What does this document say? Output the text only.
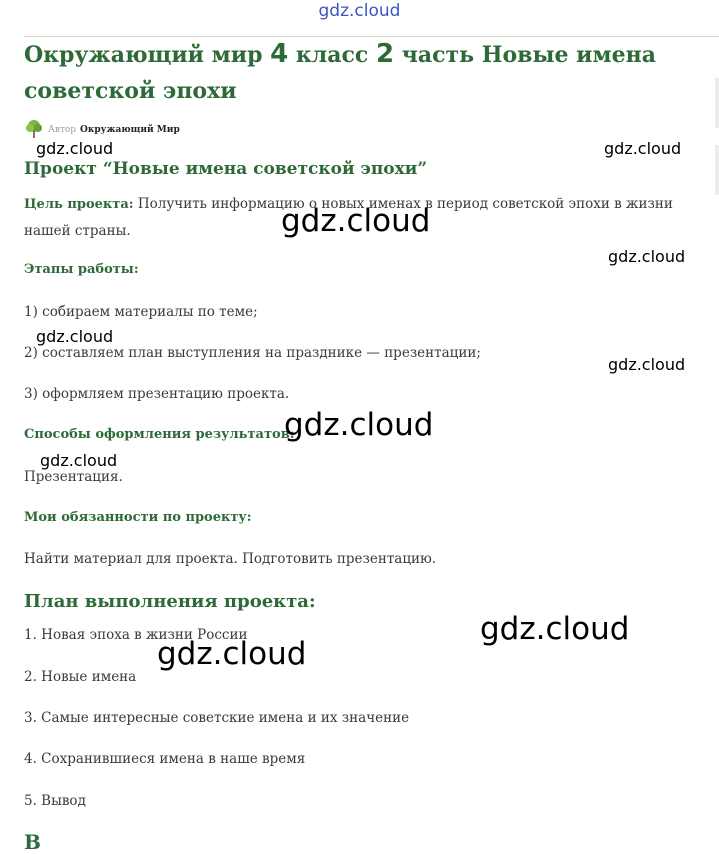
gdz.cloud
Окружающий мир 4 класс 2 часть Новые имена советской эпохи
Автор Окружающий Мир
Проект “Новые имена советской эпохи”
Цель проекта: Получить информацию о новых именах в период советской эпохи в жизни нашей страны.
Этапы работы:
1) собираем материалы по теме;
2) составляем план выступления на празднике — презентации;
3) оформляем презентацию проекта.
Способы оформления результатов:
Презентация.
Мои обязанности по проекту:
Найти материал для проекта. Подготовить презентацию.
План выполнения проекта:
1. Новая эпоха в жизни России
2. Новые имена
3. Самые интересные советские имена и их значение
4. Сохранившиеся имена в наше время
5. Вывод
В
gdz.cloud	gdz.cloud
gdz.cloud
gdz.cloud
gdz.cloud
gdz.cloud
gdz.cloud
gdz.cloud
gdz.cloud
gdz.cloud
